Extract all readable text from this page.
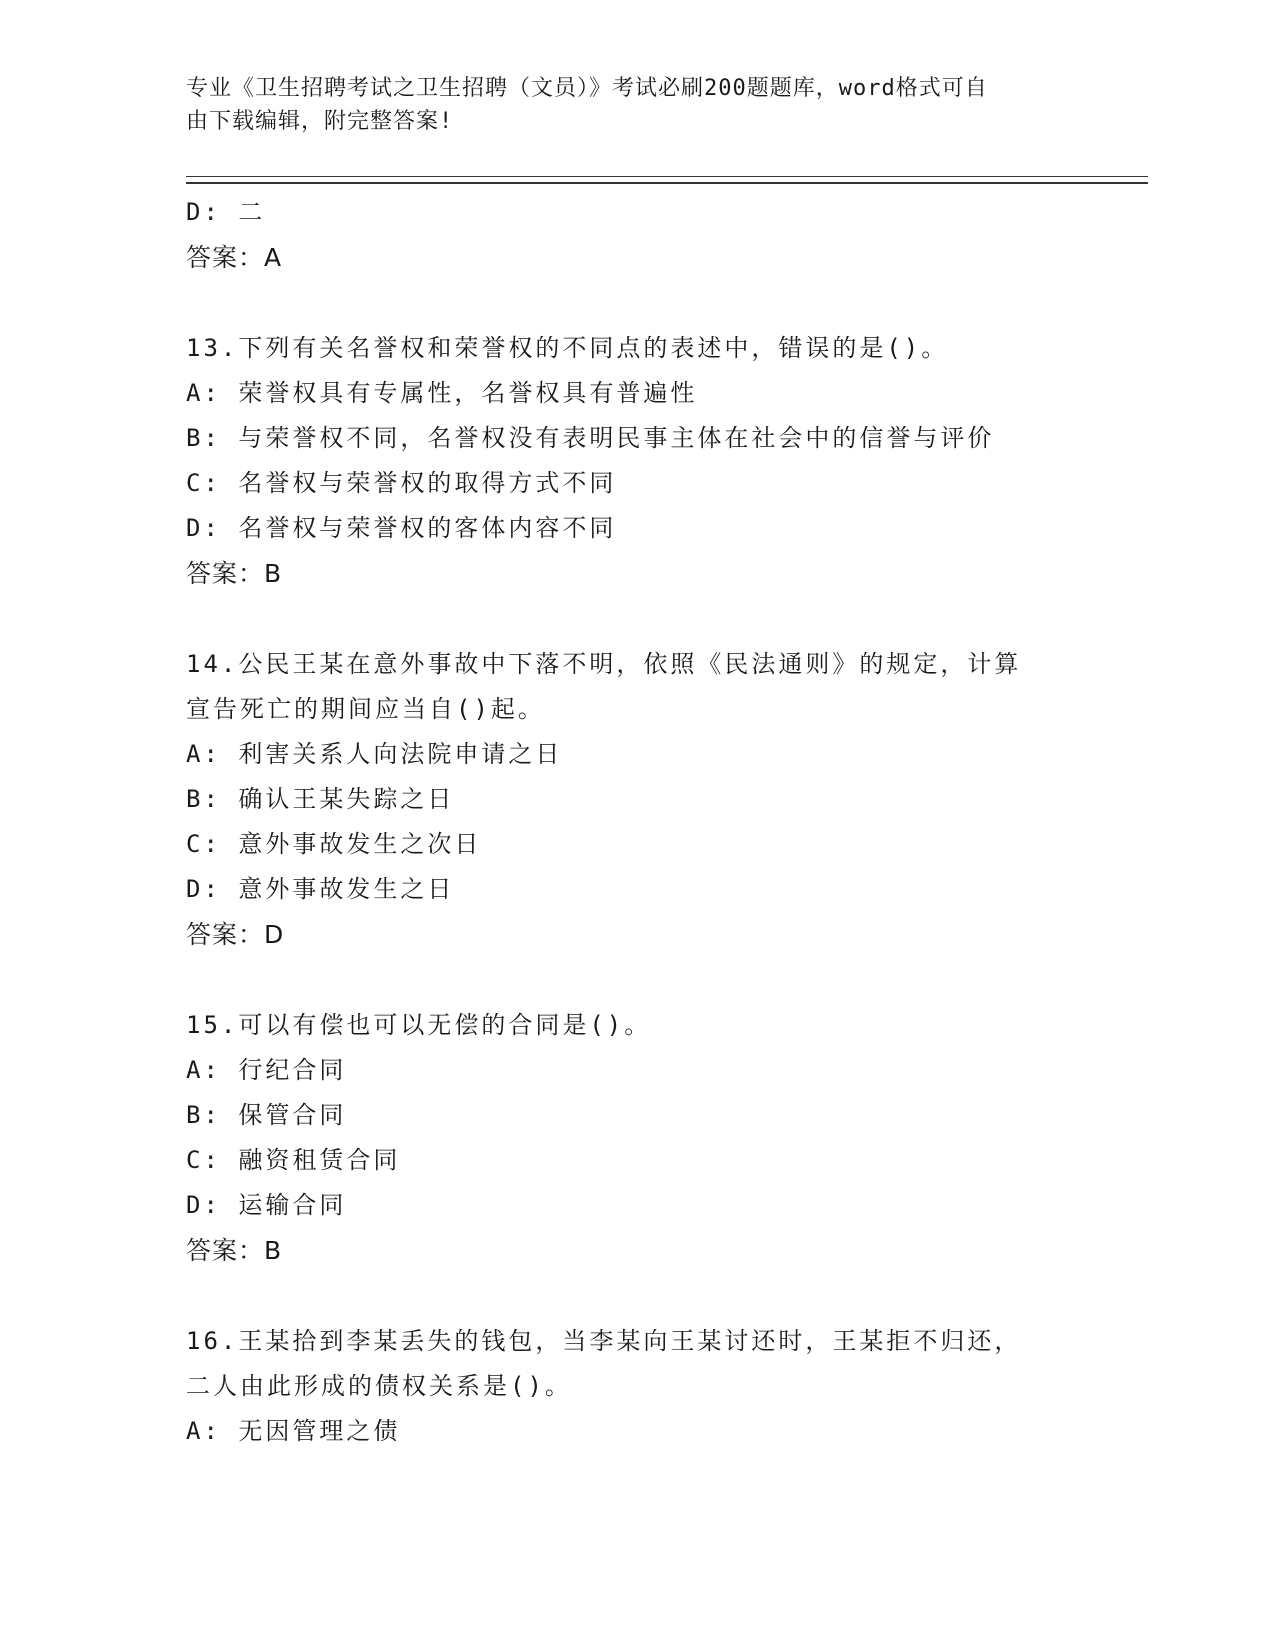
专业《卫生招聘考试之卫生招聘（文员）》考试必刷200题题库，word格式可自
由下载编辑，附完整答案!
D: 二
答案：A
13.下列有关名誉权和荣誉权的不同点的表述中，错误的是()。
A: 荣誉权具有专属性，名誉权具有普遍性
B: 与荣誉权不同，名誉权没有表明民事主体在社会中的信誉与评价
C: 名誉权与荣誉权的取得方式不同
D: 名誉权与荣誉权的客体内容不同
答案：B
14.公民王某在意外事故中下落不明，依照《民法通则》的规定，计算
宣告死亡的期间应当自()起。
A: 利害关系人向法院申请之日
B: 确认王某失踪之日
C: 意外事故发生之次日
D: 意外事故发生之日
答案：D
15.可以有偿也可以无偿的合同是()。
A: 行纪合同
B: 保管合同
C: 融资租赁合同
D: 运输合同
答案：B
16.王某拾到李某丢失的钱包，当李某向王某讨还时，王某拒不归还，
二人由此形成的债权关系是()。
A: 无因管理之债
